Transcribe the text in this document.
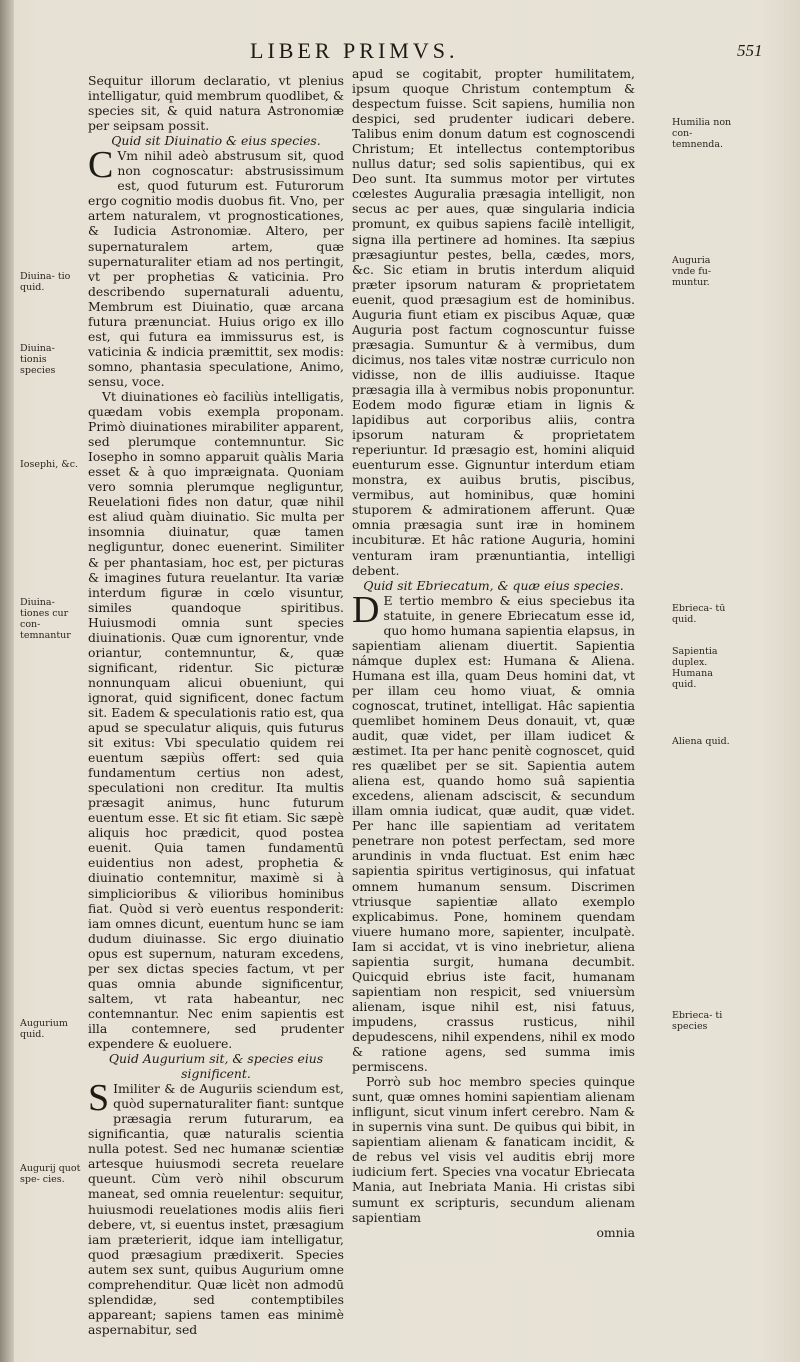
LIBER PRIMVS.	551
Diuina- tio quid.
Diuina- tionis species
Iosephi, &c.
Diuina- tiones cur con- temnantur
Augurium quid.
Augurij quot spe- cies.
Humilia non con- temnenda.
Auguria vnde fu- muntur.
Ebrieca- tū quid.
Sapientia duplex. Humana quid.
Aliena quid.
Ebrieca- ti species

Sequitur illorum declaratio, vt plenius intelligatur, quid membrum quodlibet, & species sit, & quid natura Astronomiæ per seipsam possit.

Quid sit Diuinatio & eius species.

C Vm nihil adeò abstrusum sit, quod non cognoscatur: abstrusissimum est, quod futurum est. Futurorum ergo cognitio modis duobus fit. Vno, per artem naturalem, vt prognosticationes, & Iudicia Astronomiæ. Altero, per supernaturalem artem, quæ supernaturaliter etiam ad nos pertingit, vt per prophetias & vaticinia. Pro describendo supernaturali aduentu, Membrum est Diuinatio, quæ arcana futura prænunciat. Huius origo ex illo est, qui futura ea immissurus est, is vaticinia & indicia præmittit, sex modis: somno, phantasia speculatione, Animo, sensu, voce.

Vt diuinationes eò faciliùs intelligatis, quædam vobis exempla proponam. Primò diuinationes mirabiliter apparent, sed plerumque contemnuntur. Sic Iosepho in somno apparuit quàlis Maria esset & à quo impræignata. Quoniam vero somnia plerumque negliguntur, Reuelationi fides non datur, quæ nihil est aliud quàm diuinatio. Sic multa per insomnia diuinatur, quæ tamen negliguntur, donec euenerint. Similiter & per phantasiam, hoc est, per picturas & imagines futura reuelantur. Ita variæ interdum figuræ in cœlo visuntur, similes quandoque spiritibus. Huiusmodi omnia sunt species diuinationis. Quæ cum ignorentur, vnde oriantur, contemnuntur, &, quæ significant, ridentur. Sic picturæ nonnunquam alicui obueniunt, qui ignorat, quid significent, donec factum sit. Eadem & speculationis ratio est, qua apud se speculatur aliquis, quis futurus sit exitus: Vbi speculatio quidem rei euentum sæpiùs offert: sed quia fundamentum certius non adest, speculationi non creditur. Ita multis præsagit animus, hunc futurum euentum esse. Et sic fit etiam. Sic sæpè aliquis hoc prædicit, quod postea euenit. Quia tamen fundamentū euidentius non adest, prophetia & diuinatio contemnitur, maximè si à simplicioribus & vilioribus hominibus fiat. Quòd si verò euentus responderit: iam omnes dicunt, euentum hunc se iam dudum diuinasse. Sic ergo diuinatio opus est supernum, naturam excedens, per sex dictas species factum, vt per quas omnia abunde significentur, saltem, vt rata habeantur, nec contemnantur. Nec enim sapientis est illa contemnere, sed prudenter expendere & euoluere.

Quid Augurium sit, & species eius significent.

S Imiliter & de Auguriis sciendum est, quòd supernaturaliter fiant: suntque præsagia rerum futurarum, ea significantia, quæ naturalis scientia nulla potest. Sed nec humanæ scientiæ artesque huiusmodi secreta reuelare queunt. Cùm verò nihil obscurum maneat, sed omnia reuelentur: sequitur, huiusmodi reuelationes modis aliis fieri debere, vt, si euentus instet, præsagium iam præterierit, idque iam intelligatur, quod præsagium prædixerit. Species autem sex sunt, quibus Augurium omne comprehenditur. Quæ licèt non admodū splendidæ, sed contemptibiles appareant; sapiens tamen eas minimè aspernabitur, sed

apud se cogitabit, propter humilitatem, ipsum quoque Christum contemptum & despectum fuisse. Scit sapiens, humilia non despici, sed prudenter iudicari debere. Talibus enim donum datum est cognoscendi Christum; Et intellectus contemptoribus nullus datur; sed solis sapientibus, qui ex Deo sunt. Ita summus motor per virtutes cœlestes Auguralia præsagia intelligit, non secus ac per aues, quæ singularia indicia promunt, ex quibus sapiens facilè intelligit, signa illa pertinere ad homines. Ita sæpius præsagiuntur pestes, bella, cædes, mors, &c. Sic etiam in brutis interdum aliquid præter ipsorum naturam & proprietatem euenit, quod præsagium est de hominibus. Auguria fiunt etiam ex piscibus Aquæ, quæ Auguria post factum cognoscuntur fuisse præsagia. Sumuntur & à vermibus, dum dicimus, nos tales vitæ nostræ curriculo non vidisse, non de illis audiuisse. Itaque præsagia illa à vermibus nobis proponuntur. Eodem modo figuræ etiam in lignis & lapidibus aut corporibus aliis, contra ipsorum naturam & proprietatem reperiuntur. Id præsagio est, homini aliquid euenturum esse. Gignuntur interdum etiam monstra, ex auibus brutis, piscibus, vermibus, aut hominibus, quæ homini stuporem & admirationem afferunt. Quæ omnia præsagia sunt iræ in hominem incubituræ. Et hâc ratione Auguria, homini venturam iram prænuntiantia, intelligi debent.

Quid sit Ebriecatum, & quæ eius species.

D E tertio membro & eius speciebus ita statuite, in genere Ebriecatum esse id, quo homo humana sapientia elapsus, in sapientiam alienam diuertit. Sapientia námque duplex est: Humana & Aliena. Humana est illa, quam Deus homini dat, vt per illam ceu homo viuat, & omnia cognoscat, trutinet, intelligat. Hâc sapientia quemlibet hominem Deus donauit, vt, quæ audit, quæ videt, per illam iudicet & æstimet. Ita per hanc penitè cognoscet, quid res quælibet per se sit. Sapientia autem aliena est, quando homo suâ sapientia excedens, alienam adsciscit, & secundum illam omnia iudicat, quæ audit, quæ videt. Per hanc ille sapientiam ad veritatem penetrare non potest perfectam, sed more arundinis in vnda fluctuat. Est enim hæc sapientia spiritus vertiginosus, qui infatuat omnem humanum sensum. Discrimen vtriusque sapientiæ allato exemplo explicabimus. Pone, hominem quendam viuere humano more, sapienter, inculpatè. Iam si accidat, vt is vino inebrietur, aliena sapientia surgit, humana decumbit. Quicquid ebrius iste facit, humanam sapientiam non respicit, sed vniuersùm alienam, isque nihil est, nisi fatuus, impudens, crassus rusticus, nihil depudescens, nihil expendens, nihil ex modo & ratione agens, sed summa imis permiscens.

Porrò sub hoc membro species quinque sunt, quæ omnes homini sapientiam alienam infligunt, sicut vinum infert cerebro. Nam & in supernis vina sunt. De quibus qui bibit, in sapientiam alienam & fanaticam incidit, & de rebus vel visis vel auditis ebrij more iudicium fert. Species vna vocatur Ebriecata Mania, aut Inebriata Mania. Hi cristas sibi sumunt ex scripturis, secundum alienam sapientiam

omnia
